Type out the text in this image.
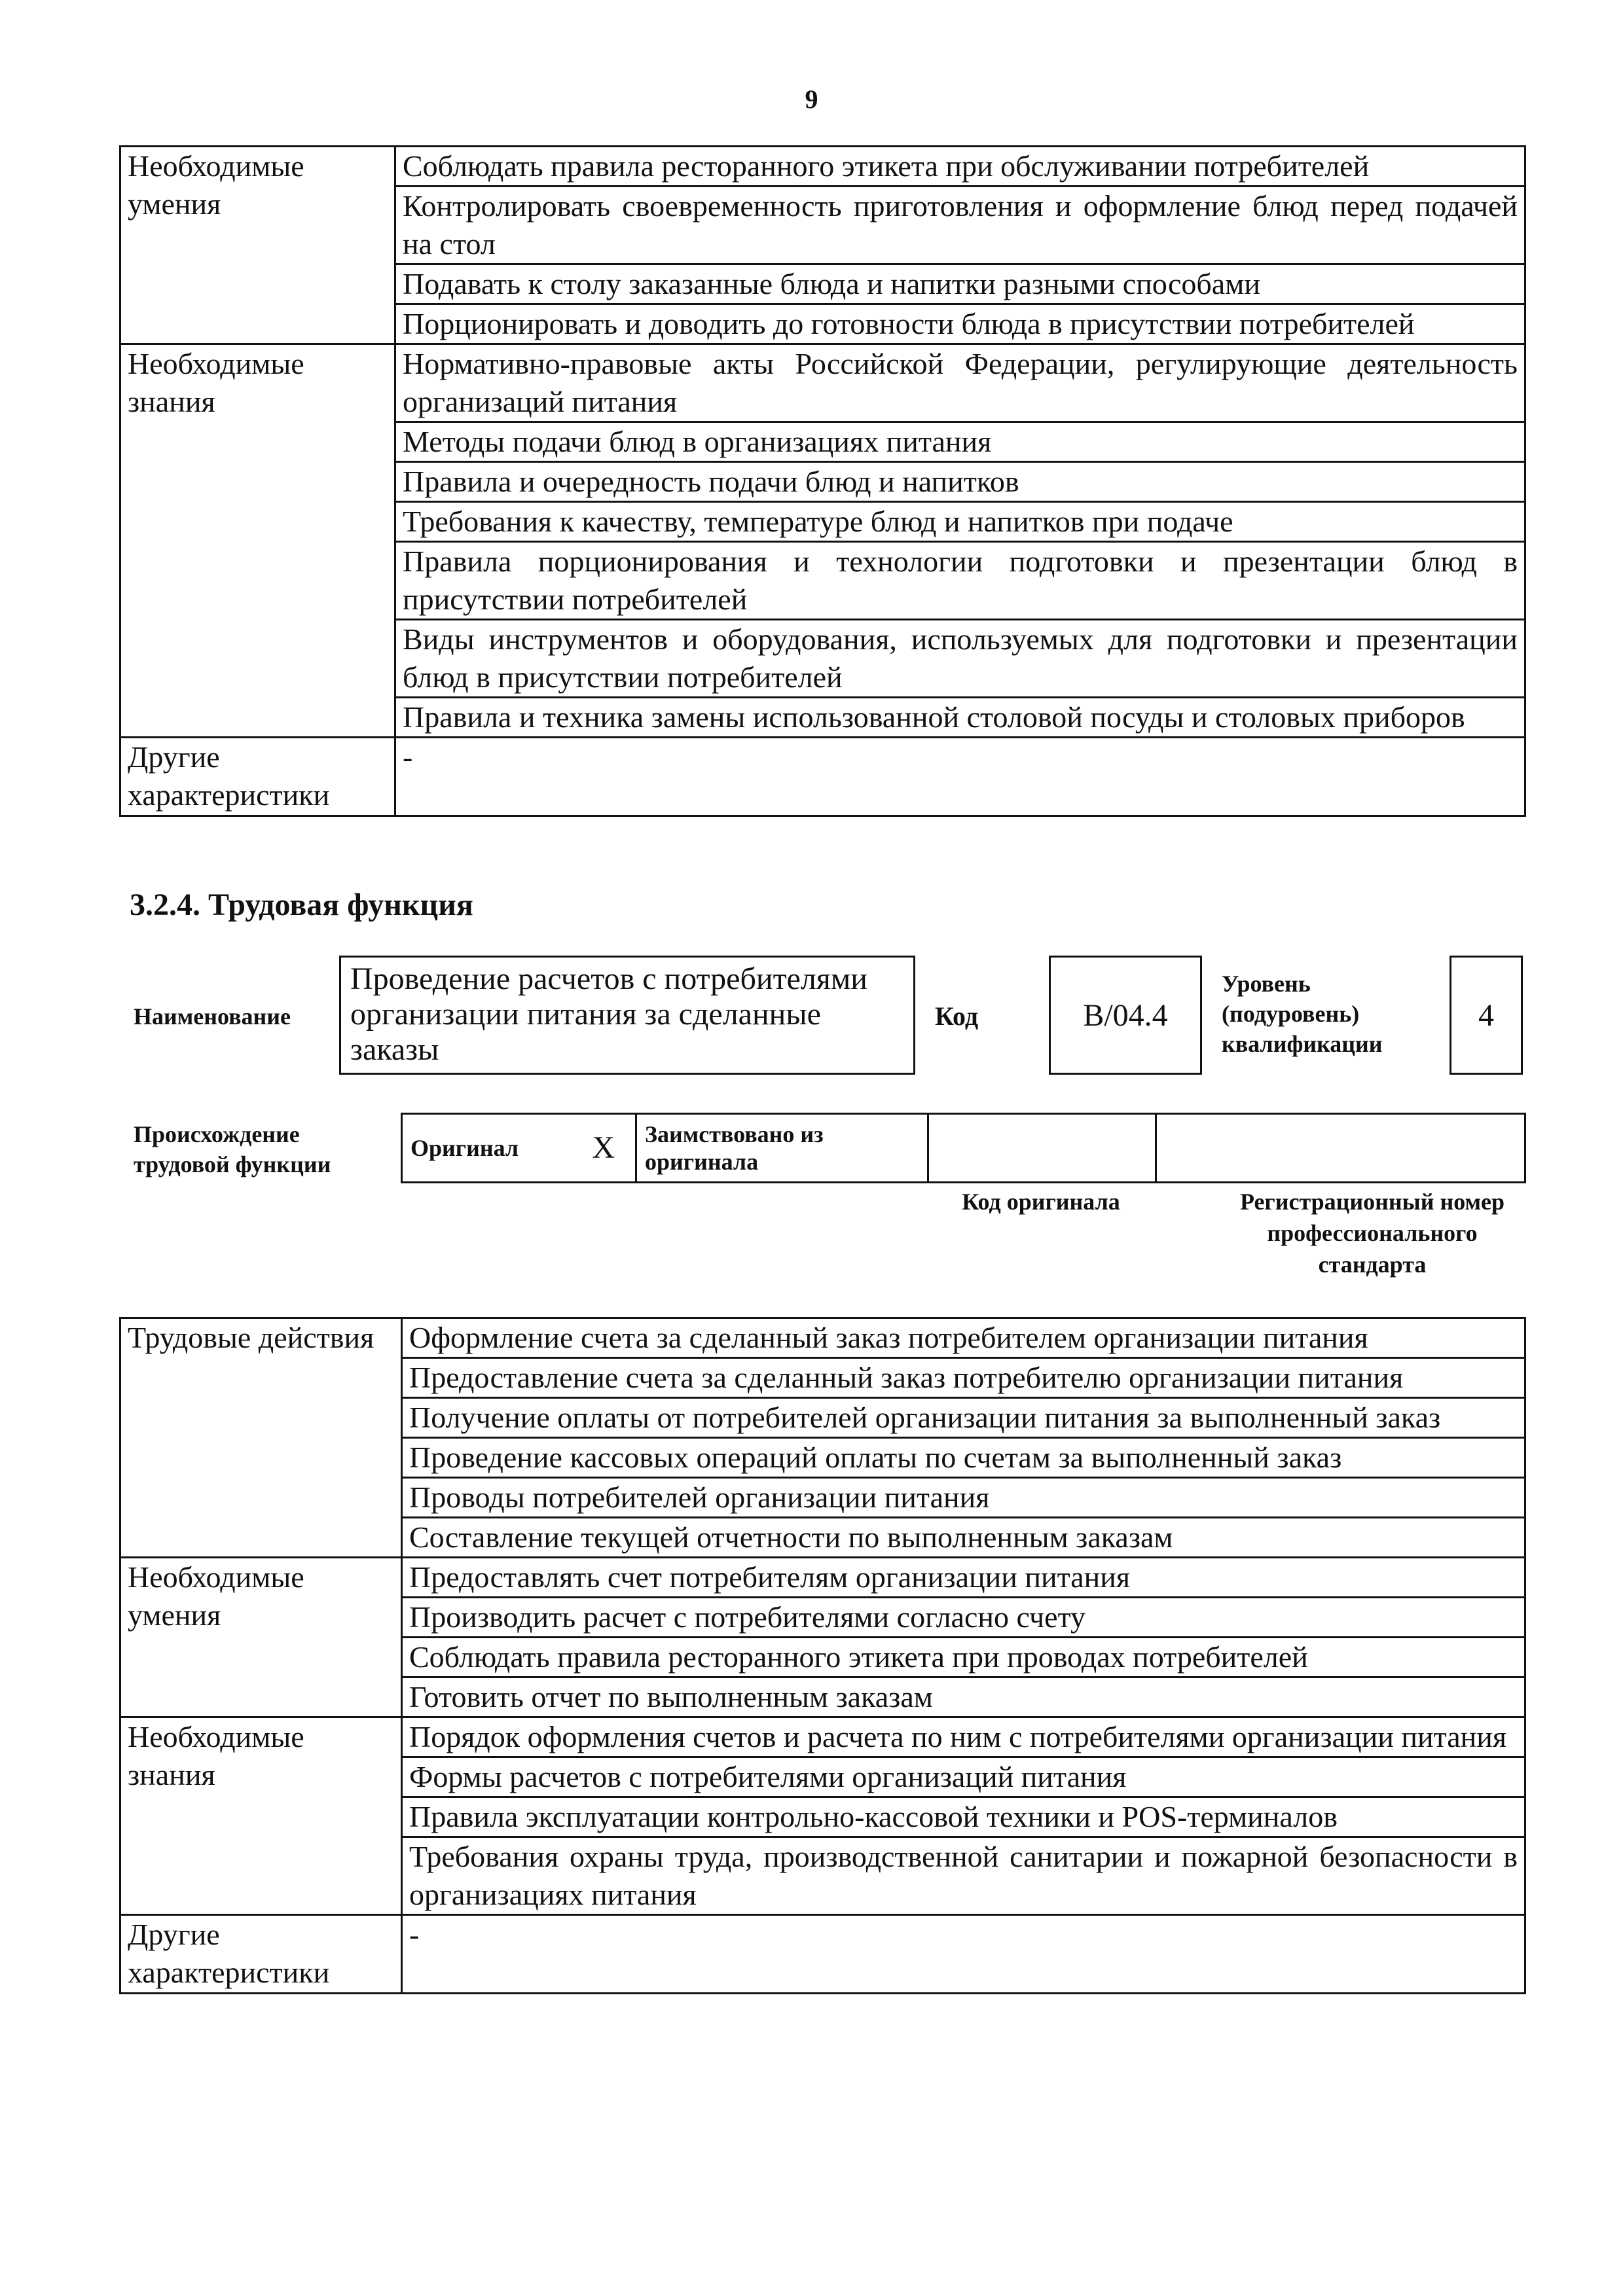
9
Необходимые умения	Соблюдать правила ресторанного этикета при обслуживании потребителей
	Контролировать своевременность приготовления и оформление блюд перед подачей на стол
	Подавать к столу заказанные блюда и напитки разными способами
	Порционировать и доводить до готовности блюда в присутствии потребителей
Необходимые знания	Нормативно-правовые акты Российской Федерации, регулирующие деятельность организаций питания
	Методы подачи блюд в организациях питания
	Правила и очередность подачи блюд и напитков
	Требования к качеству, температуре блюд и напитков при подаче
	Правила порционирования и технологии подготовки и презентации блюд в присутствии потребителей
	Виды инструментов и оборудования, используемых для подготовки и презентации блюд в присутствии потребителей
	Правила и техника замены использованной столовой посуды и столовых приборов
Другие характеристики	-
3.2.4. Трудовая функция
Наименование
Проведение расчетов с потребителями организации питания за сделанные заказы
Код	B/04.4
Уровень (подуровень) квалификации
4
Происхождение трудовой функции
Оригинал	X	Заимствовано из оригинала		
Код оригинала	Регистрационный номер профессионального стандарта
Трудовые действия	Оформление счета за сделанный заказ потребителем организации питания
	Предоставление счета за сделанный заказ потребителю организации питания
	Получение оплаты от потребителей организации питания за выполненный заказ
	Проведение кассовых операций оплаты по счетам за выполненный заказ
	Проводы потребителей организации питания
	Составление текущей отчетности по выполненным заказам
Необходимые умения	Предоставлять счет потребителям организации питания
	Производить расчет с потребителями согласно счету
	Соблюдать правила ресторанного этикета при проводах потребителей
	Готовить отчет по выполненным заказам
Необходимые знания	Порядок оформления счетов и расчета по ним с потребителями организации питания
	Формы расчетов с потребителями организаций питания
	Правила эксплуатации контрольно-кассовой техники и POS-терминалов
	Требования охраны труда, производственной санитарии и пожарной безопасности в организациях питания
Другие характеристики	-
